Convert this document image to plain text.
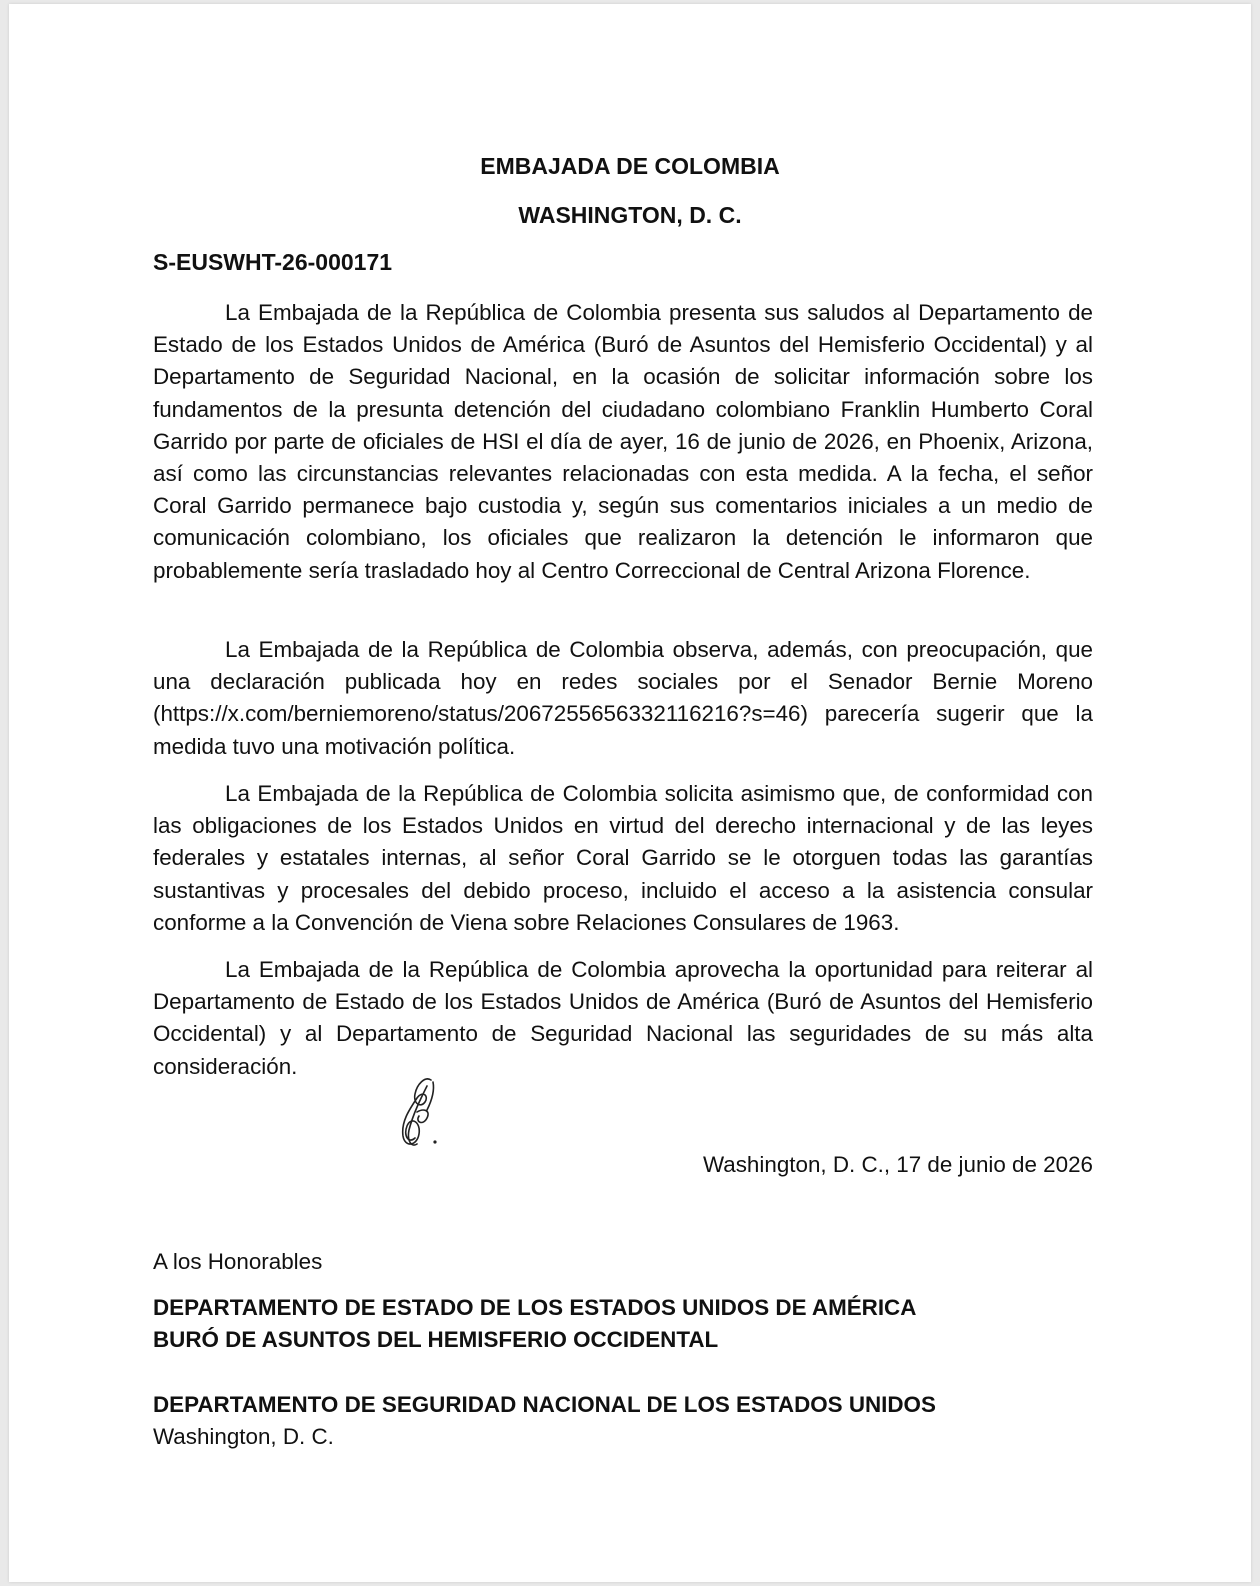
EMBAJADA DE COLOMBIA
WASHINGTON, D. C.
S-EUSWHT-26-000171

La Embajada de la República de Colombia presenta sus saludos al Departamento de Estado de los Estados Unidos de América (Buró de Asuntos del Hemisferio Occidental) y al Departamento de Seguridad Nacional, en la ocasión de solicitar información sobre los fundamentos de la presunta detención del ciudadano colombiano Franklin Humberto Coral Garrido por parte de oficiales de HSI el día de ayer, 16 de junio de 2026, en Phoenix, Arizona, así como las circunstancias relevantes relacionadas con esta medida. A la fecha, el señor Coral Garrido permanece bajo custodia y, según sus comentarios iniciales a un medio de comunicación colombiano, los oficiales que realizaron la detención le informaron que probablemente sería trasladado hoy al Centro Correccional de Central Arizona Florence.

La Embajada de la República de Colombia observa, además, con preocupación, que una declaración publicada hoy en redes sociales por el Senador Bernie Moreno (https://x.com/berniemoreno/status/2067255656332116216?s=46) parecería sugerir que la medida tuvo una motivación política.

La Embajada de la República de Colombia solicita asimismo que, de conformidad con las obligaciones de los Estados Unidos en virtud del derecho internacional y de las leyes federales y estatales internas, al señor Coral Garrido se le otorguen todas las garantías sustantivas y procesales del debido proceso, incluido el acceso a la asistencia consular conforme a la Convención de Viena sobre Relaciones Consulares de 1963.

La Embajada de la República de Colombia aprovecha la oportunidad para reiterar al Departamento de Estado de los Estados Unidos de América (Buró de Asuntos del Hemisferio Occidental) y al Departamento de Seguridad Nacional las seguridades de su más alta consideración.

Washington, D. C., 17 de junio de 2026
A los Honorables
DEPARTAMENTO DE ESTADO DE LOS ESTADOS UNIDOS DE AMÉRICA
BURÓ DE ASUNTOS DEL HEMISFERIO OCCIDENTAL
DEPARTAMENTO DE SEGURIDAD NACIONAL DE LOS ESTADOS UNIDOS
Washington, D. C.
